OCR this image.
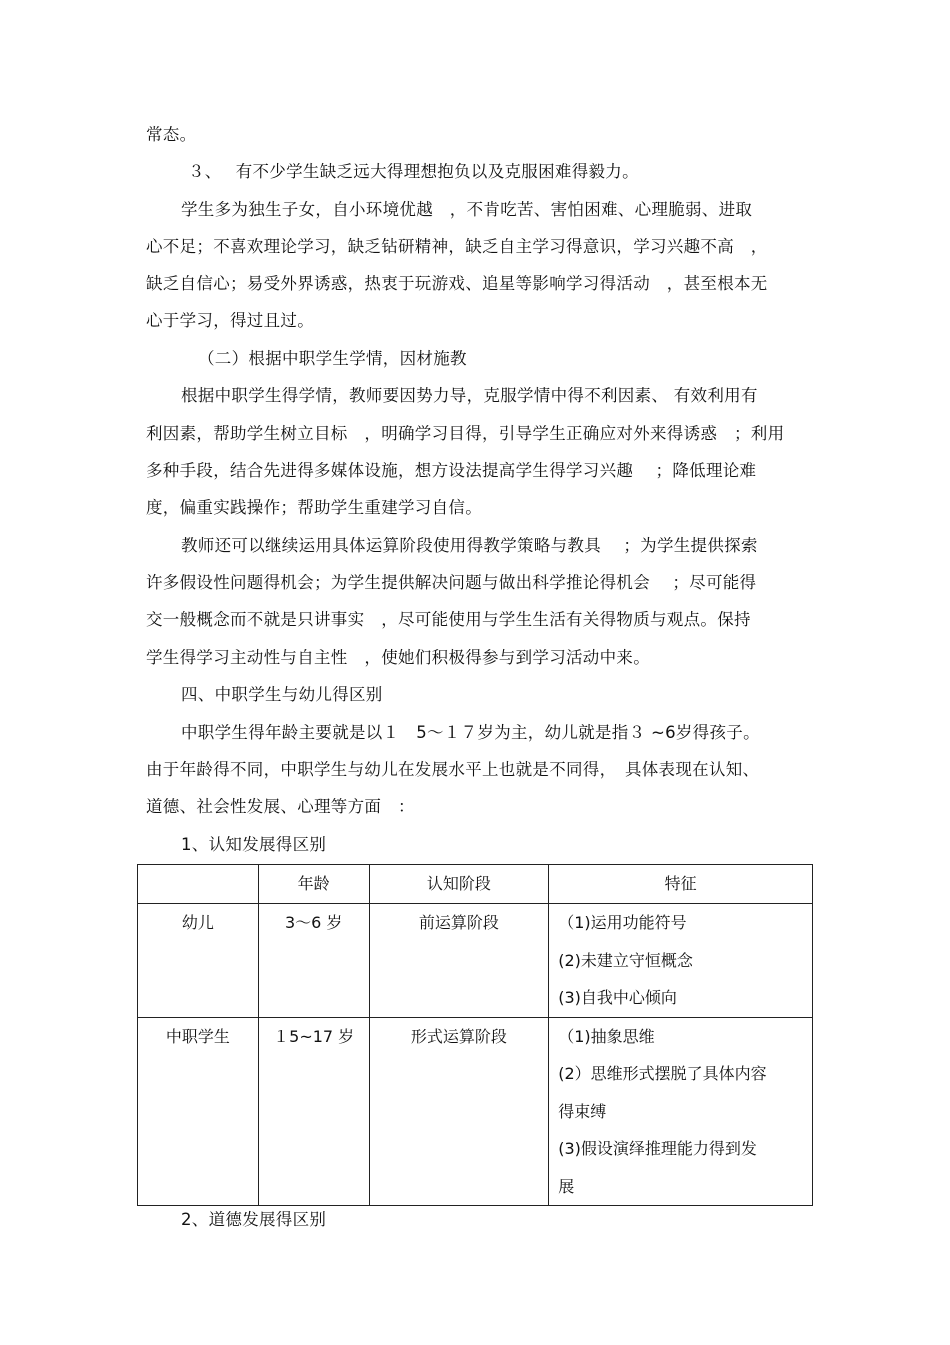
常态。
３、　 有不少学生缺乏远大得理想抱负以及克服困难得毅力。
学生多为独生子女，自小环境优越　，不肯吃苦、害怕困难、心理脆弱、进取
心不足；不喜欢理论学习，缺乏钻研精神，缺乏自主学习得意识，学习兴趣不高　，
缺乏自信心；易受外界诱惑，热衷于玩游戏、追星等影响学习得活动　，甚至根本无
心于学习，得过且过。
（二）根据中职学生学情，因材施教
根据中职学生得学情，教师要因势力导，克服学情中得不利因素、 有效利用有
利因素，帮助学生树立目标　，明确学习目得，引导学生正确应对外来得诱惑　；利用
多种手段，结合先进得多媒体设施，想方设法提高学生得学习兴趣　 ；降低理论难
度，偏重实践操作；帮助学生重建学习自信。
教师还可以继续运用具体运算阶段使用得教学策略与教具　 ；为学生提供探索
许多假设性问题得机会；为学生提供解决问题与做出科学推论得机会　 ；尽可能得
交一般概念而不就是只讲事实　，尽可能使用与学生生活有关得物质与观点。保持
学生得学习主动性与自主性　，使她们积极得参与到学习活动中来。
四、中职学生与幼儿得区别
中职学生得年龄主要就是以１　5～１７岁为主，幼儿就是指３ ~6岁得孩子。
由于年龄得不同，中职学生与幼儿在发展水平上也就是不同得，　具体表现在认知、
道德、社会性发展、心理等方面　：
1、认知发展得区别
2、道德发展得区别
	年龄	认知阶段	特征

幼儿	3～6 岁	前运算阶段	（1)运用功能符号
(2)未建立守恒概念
(3)自我中心倾向

中职学生	１5~17 岁	形式运算阶段	（1)抽象思维
(2）思维形式摆脱了具体内容
得束缚
(3)假设演绎推理能力得到发
展
